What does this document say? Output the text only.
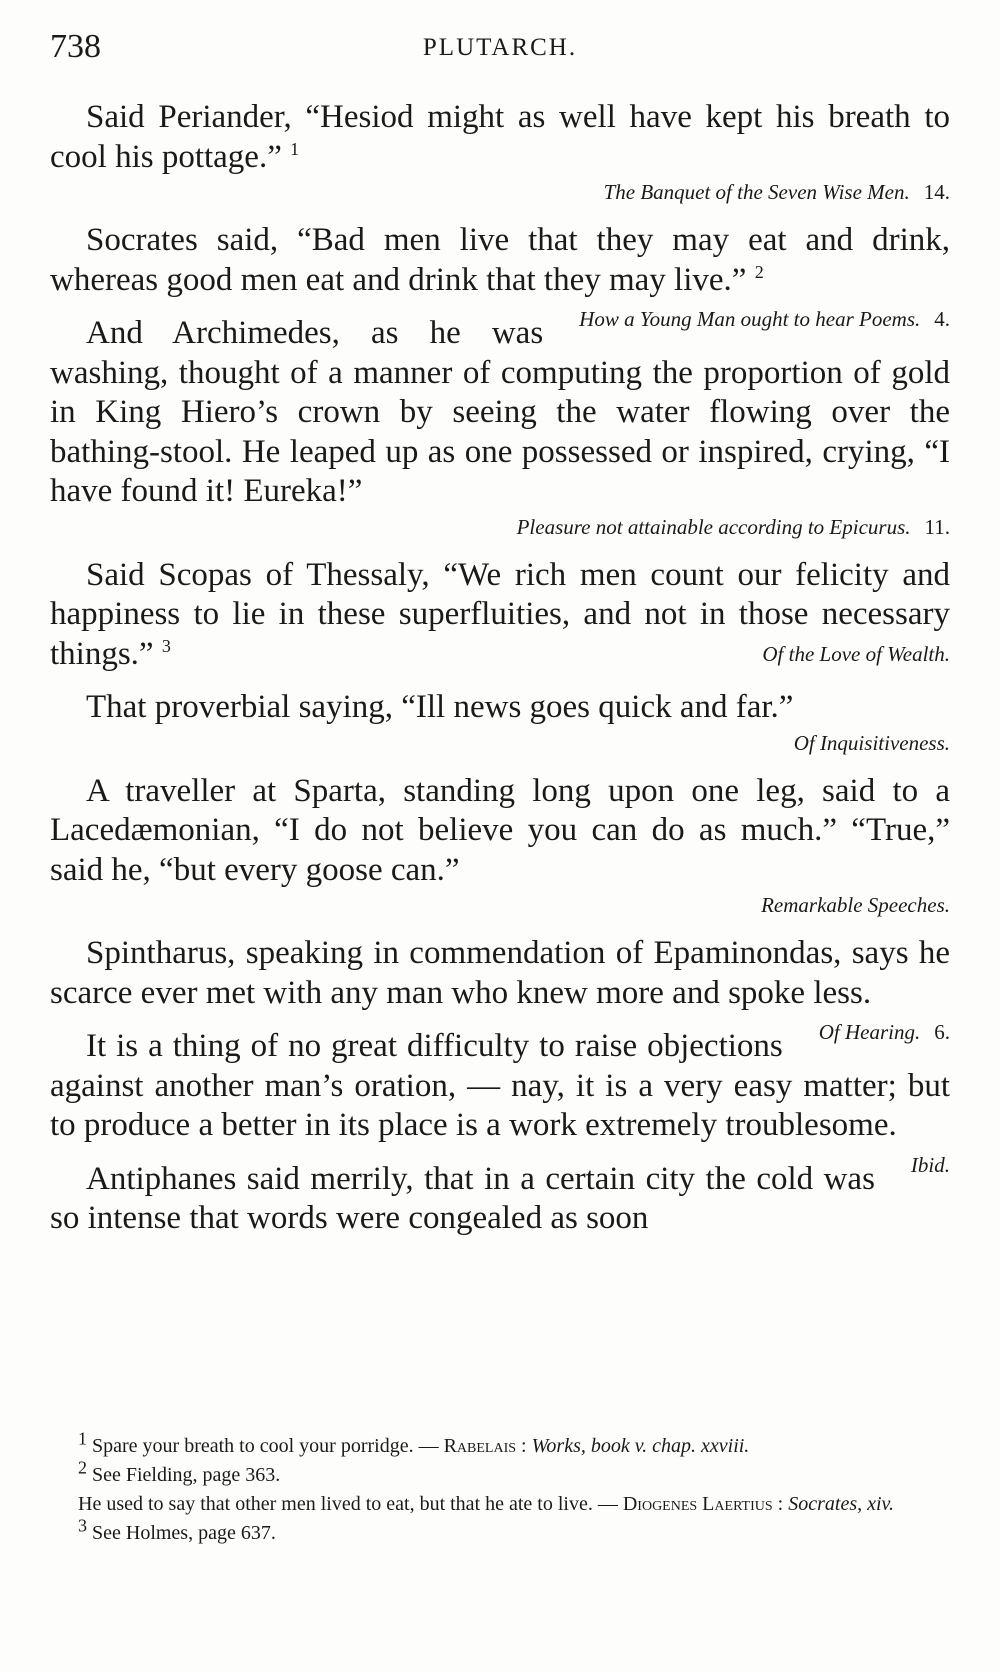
738	PLUTARCH.

Said Periander, “Hesiod might as well have kept his breath to cool his pottage.” $^1$

The Banquet of the Seven Wise Men. 14.

Socrates said, “Bad men live that they may eat and drink, whereas good men eat and drink that they may live.” $^2$
How a Young Man ought to hear Poems. 4.

And Archimedes, as he was washing, thought of a manner of computing the proportion of gold in King Hiero’s crown by seeing the water flowing over the bathing-stool. He leaped up as one possessed or inspired, crying, “I have found it! Eureka!”

Pleasure not attainable according to Epicurus. 11.

Said Scopas of Thessaly, “We rich men count our felicity and happiness to lie in these superfluities, and not in those necessary things.” $^3$	Of the Love of Wealth.

That proverbial saying, “Ill news goes quick and far.”

Of Inquisitiveness.

A traveller at Sparta, standing long upon one leg, said to a Lacedæmonian, “I do not believe you can do as much.” “True,” said he, “but every goose can.”

Remarkable Speeches.

Spintharus, speaking in commendation of Epaminondas, says he scarce ever met with any man who knew more and spoke less.
Of Hearing. 6.

It is a thing of no great difficulty to raise objections against another man’s oration, — nay, it is a very easy matter; but to produce a better in its place is a work extremely troublesome.
Ibid.

Antiphanes said merrily, that in a certain city the cold was so intense that words were congealed as soon

$^1$ Spare your breath to cool your porridge. — Rabelais : Works, book v. chap. xxviii.

$^2$ See Fielding, page 363.

He used to say that other men lived to eat, but that he ate to live. — Diogenes Laertius : Socrates, xiv.

$^3$ See Holmes, page 637.
